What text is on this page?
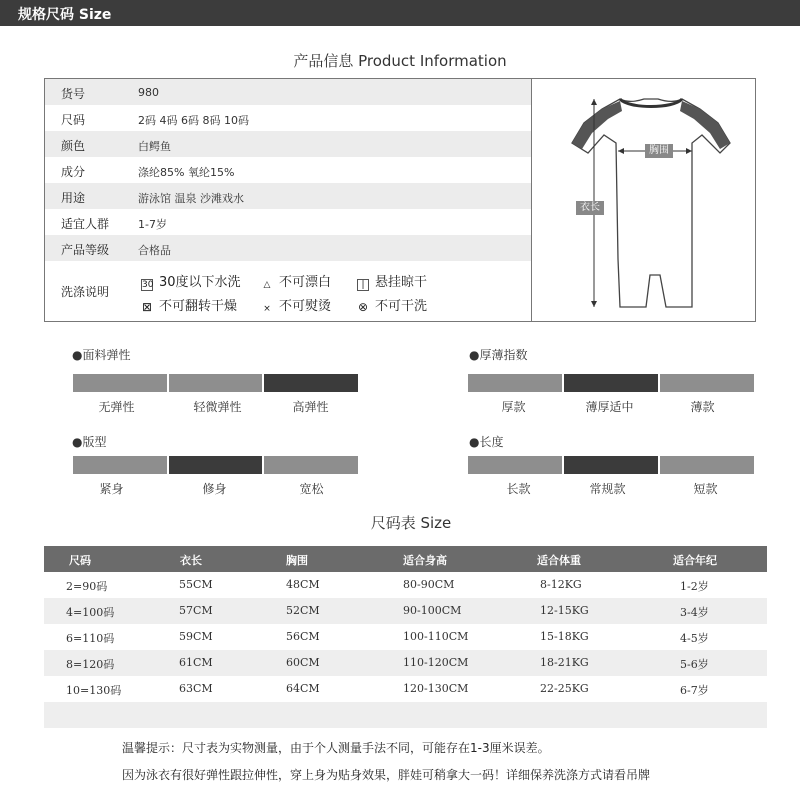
规格尺码 Size
产品信息 Product Information
货号	980
尺码	2码 4码 6码 8码 10码
颜色	白鳄鱼
成分	涤纶85% 氧纶15%
用途	游泳馆 温泉 沙滩戏水
适宜人群	1-7岁
产品等级	合格品
洗涤说明	30 30度以下水洗	△ 不可漂白	| 悬挂晾干
⊠ 不可翻转干燥	× 不可熨烫 ⊗ 不可干洗
胸围
衣长
●面料弹性
无弹性	轻微弹性	高弹性
●厚薄指数
厚款	薄厚适中	薄款
●版型
紧身	修身	宽松
●长度
长款	常规款	短款
尺码表 Size
尺码	衣长	胸围	适合身高	适合体重	适合年纪
2=90码	55CM	48CM	80-90CM	8-12KG	1-2岁
4=100码	57CM	52CM	90-100CM	12-15KG	3-4岁
6=110码	59CM	56CM	100-110CM	15-18KG	4-5岁
8=120码	61CM	60CM	110-120CM	18-21KG	5-6岁
10=130码	63CM	64CM	120-130CM	22-25KG	6-7岁
温馨提示：尺寸表为实物测量，由于个人测量手法不同，可能存在1-3厘米误差。
因为泳衣有很好弹性跟拉伸性，穿上身为贴身效果，胖娃可稍拿大一码！详细保养洗涤方式请看吊牌
